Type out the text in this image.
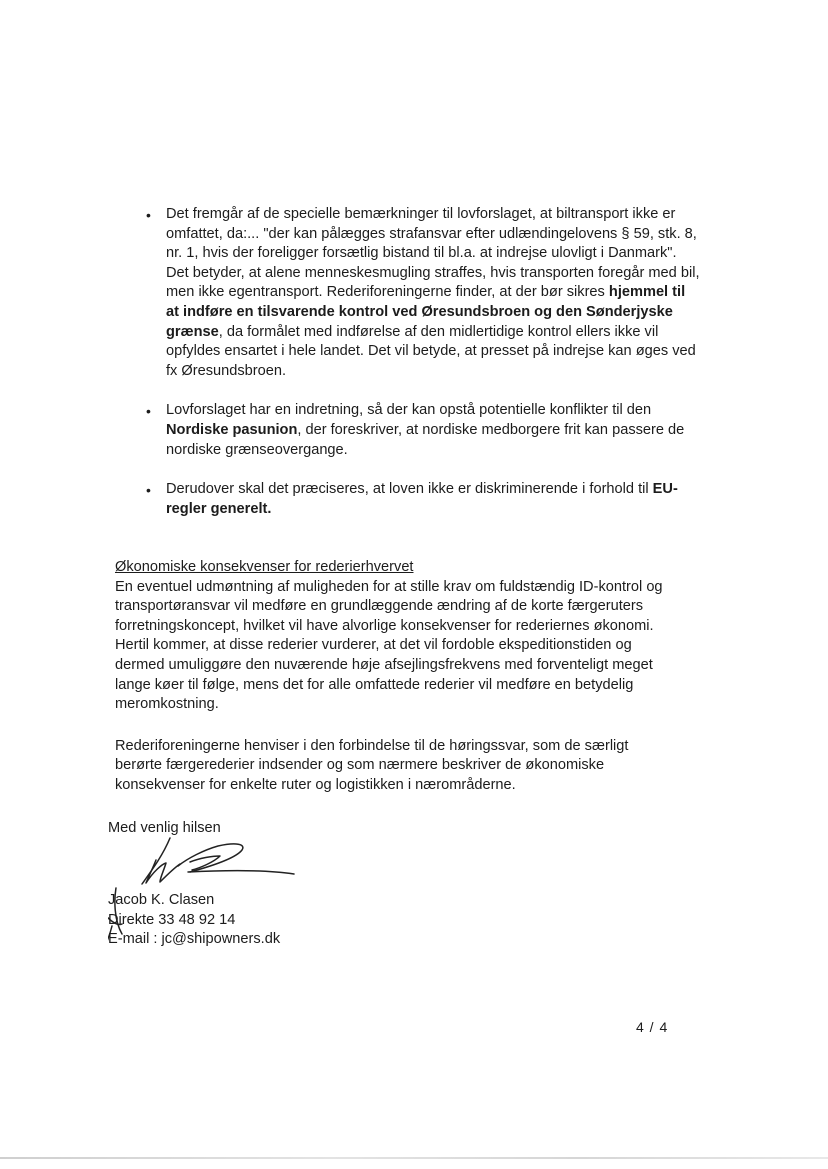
• Det fremgår af de specielle bemærkninger til lovforslaget, at biltransport ikke er omfattet, da:... "der kan pålægges strafansvar efter udlændingelovens § 59, stk. 8, nr. 1, hvis der foreligger forsætlig bistand til bl.a. at indrejse ulovligt i Danmark". Det betyder, at alene menneskesmugling straffes, hvis transporten foregår med bil, men ikke egentransport. Rederiforeningerne finder, at der bør sikres hjemmel til at indføre en tilsvarende kontrol ved Øresundsbroen og den Sønderjyske grænse, da formålet med indførelse af den midlertidige kontrol ellers ikke vil opfyldes ensartet i hele landet. Det vil betyde, at presset på indrejse kan øges ved fx Øresundsbroen.
• Lovforslaget har en indretning, så der kan opstå potentielle konflikter til den Nordiske pasunion, der foreskriver, at nordiske medborgere frit kan passere de nordiske grænseovergange.
• Derudover skal det præciseres, at loven ikke er diskriminerende i forhold til EU-regler generelt.
Økonomiske konsekvenser for rederierhvervet

En eventuel udmøntning af muligheden for at stille krav om fuldstændig ID-kontrol og transportøransvar vil medføre en grundlæggende ændring af de korte færgeruters forretningskoncept, hvilket vil have alvorlige konsekvenser for rederiernes økonomi. Hertil kommer, at disse rederier vurderer, at det vil fordoble ekspeditionstiden og dermed umuliggøre den nuværende høje afsejlingsfrekvens med forventeligt meget lange køer til følge, mens det for alle omfattede rederier vil medføre en betydelig meromkostning.

Rederiforeningerne henviser i den forbindelse til de høringssvar, som de særligt berørte færgerederier indsender og som nærmere beskriver de økonomiske konsekvenser for enkelte ruter og logistikken i nærområderne.

Med venlig hilsen
Jacob K. Clasen
Direkte 33 48 92 14
E-mail : jc@shipowners.dk
4 / 4
